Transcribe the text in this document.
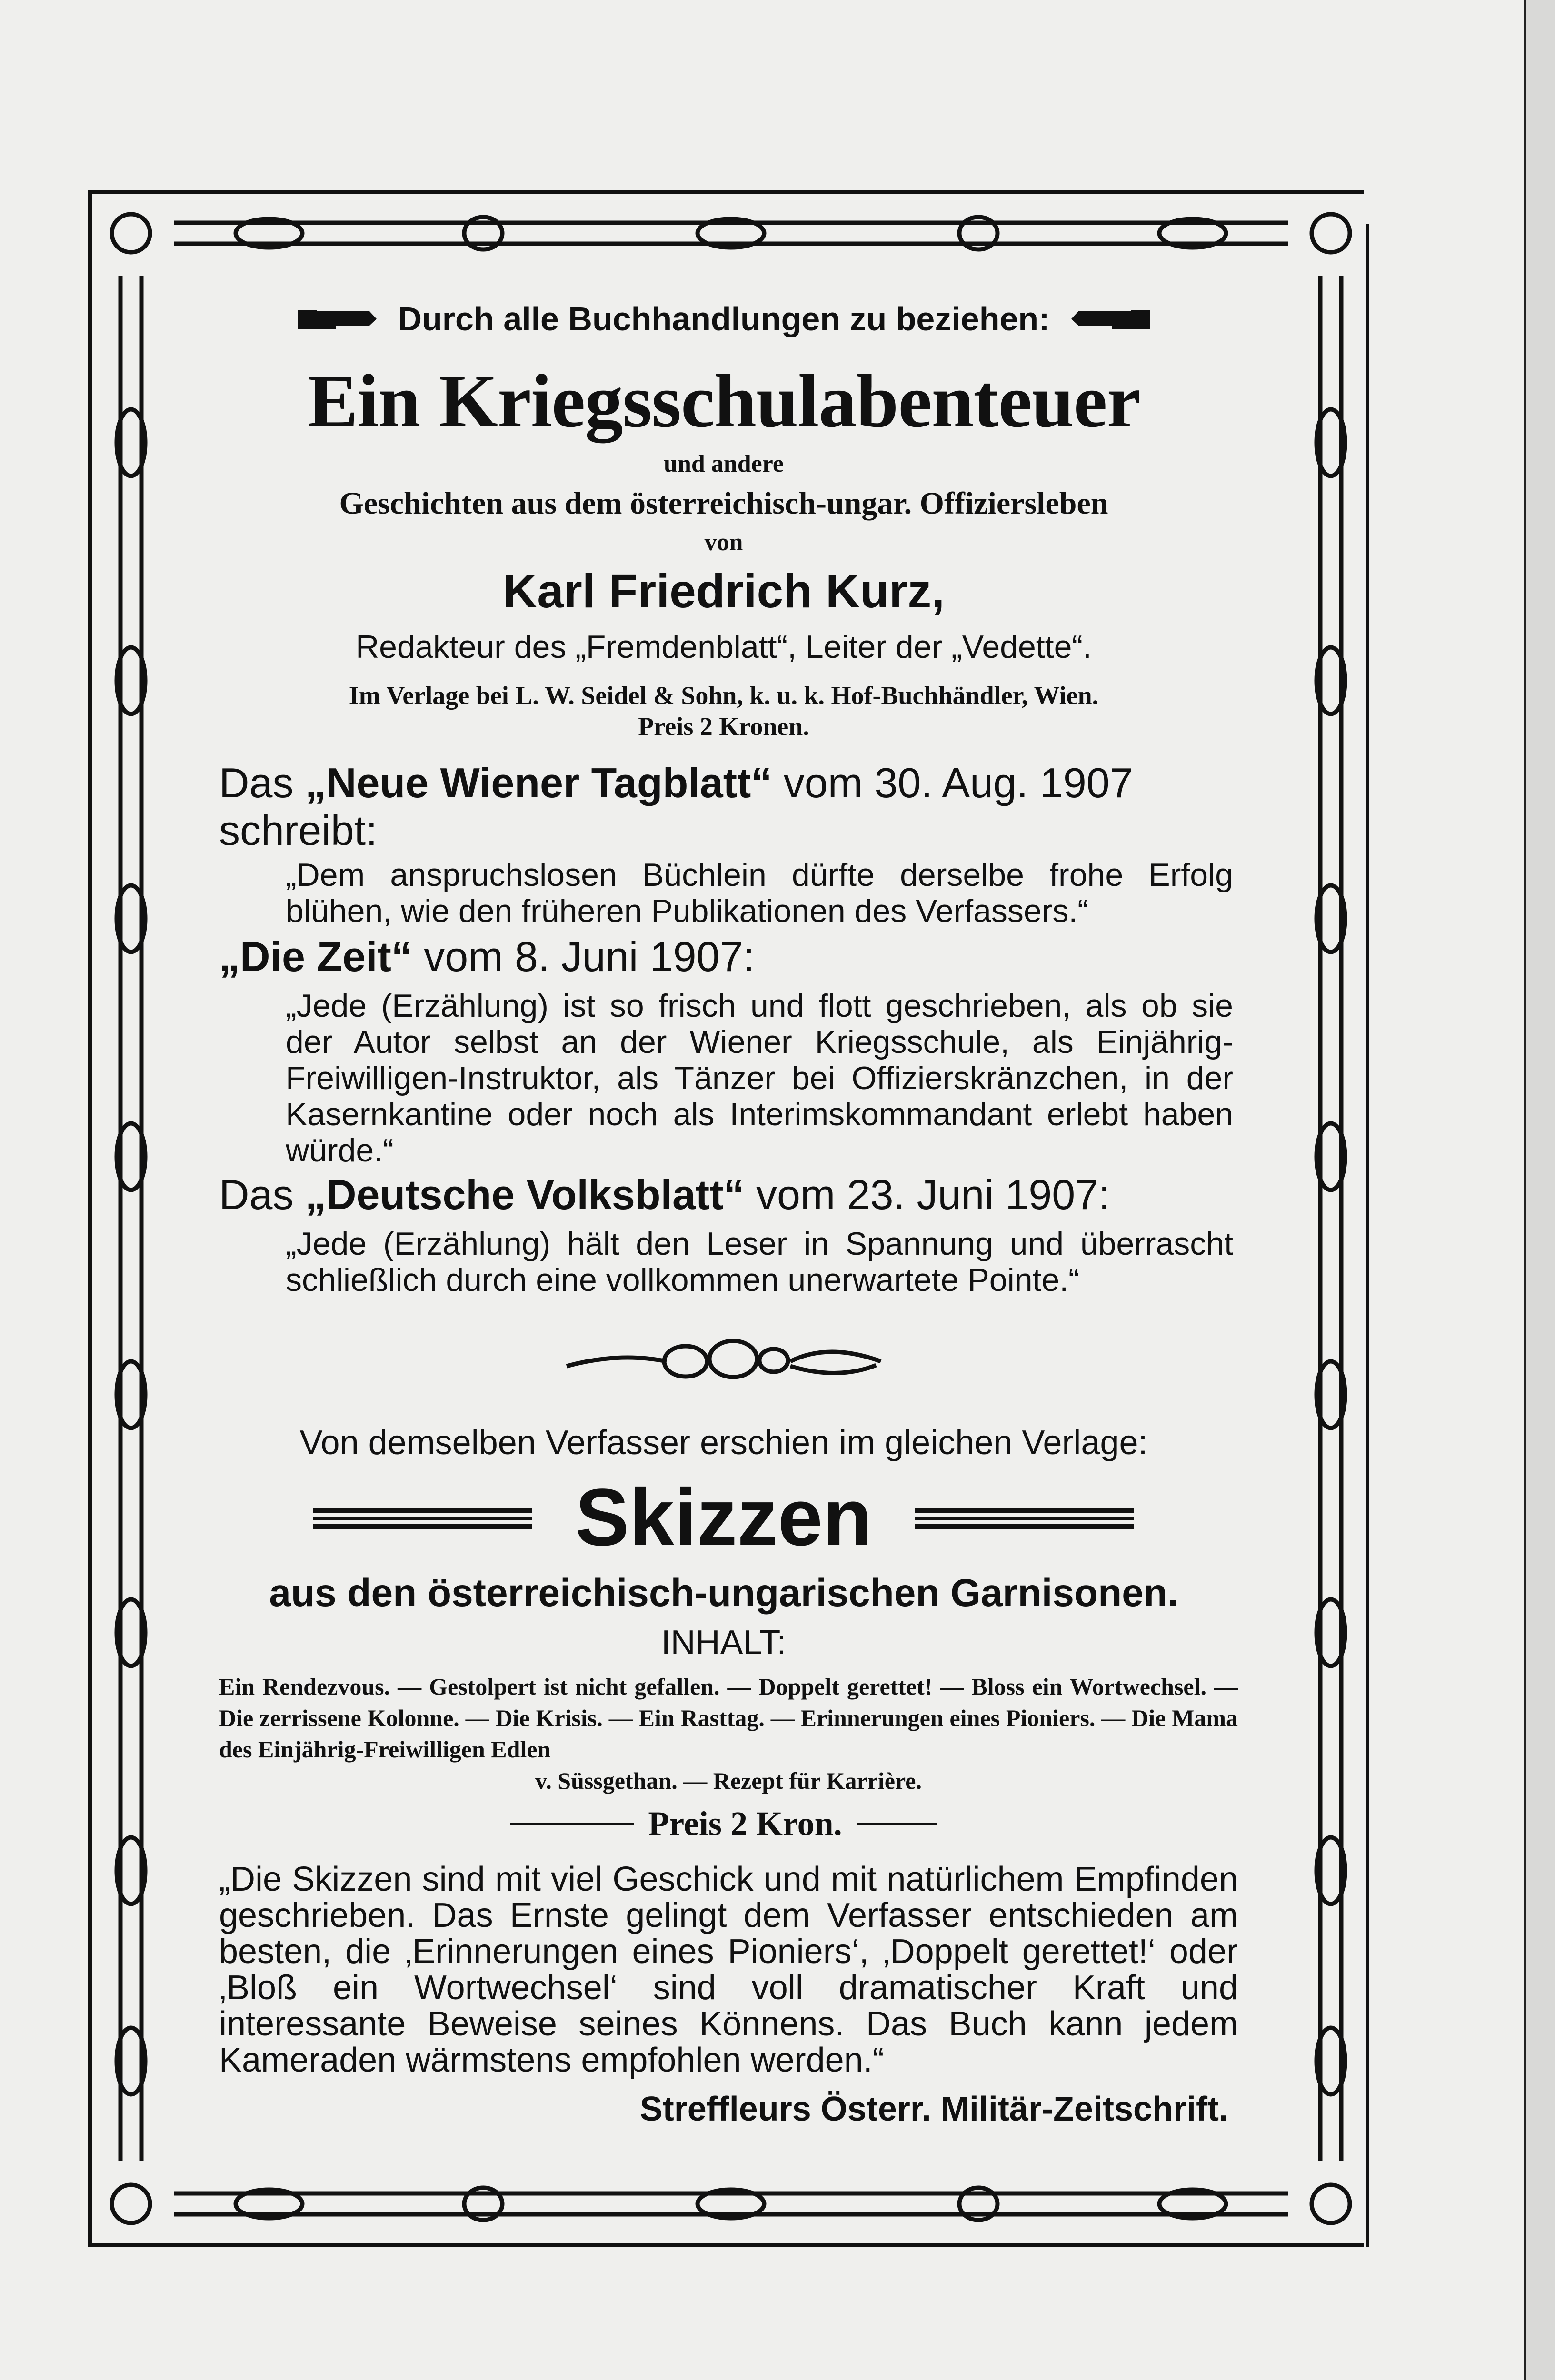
Durch alle Buchhandlungen zu beziehen:
Ein Kriegsschulabenteuer
und andere
Geschichten aus dem österreichisch-ungar. Offiziersleben
von
Karl Friedrich Kurz,
Redakteur des „Fremdenblatt“, Leiter der „Vedette“.
Im Verlage bei L. W. Seidel & Sohn, k. u. k. Hof-Buchhändler, Wien.
Preis 2 Kronen.
Das „Neue Wiener Tagblatt“ vom 30. Aug. 1907 schreibt:
„Dem anspruchslosen Büchlein dürfte derselbe frohe Erfolg blühen, wie den früheren Publikationen des Verfassers.“
„Die Zeit“ vom 8. Juni 1907:
„Jede (Erzählung) ist so frisch und flott geschrieben, als ob sie der Autor selbst an der Wiener Kriegsschule, als Einjährig-Freiwilligen-Instruktor, als Tänzer bei Offizierskränzchen, in der Kasernkantine oder noch als Interimskommandant erlebt haben würde.“
Das „Deutsche Volksblatt“ vom 23. Juni 1907:
„Jede (Erzählung) hält den Leser in Spannung und überrascht schließlich durch eine vollkommen unerwartete Pointe.“
Von demselben Verfasser erschien im gleichen Verlage:
Skizzen
aus den österreichisch-ungarischen Garnisonen.
INHALT:
Ein Rendezvous. — Gestolpert ist nicht gefallen. — Doppelt gerettet! — Bloss ein Wortwechsel. — Die zerrissene Kolonne. — Die Krisis. — Ein Rasttag. — Erinnerungen eines Pioniers. — Die Mama des Einjährig-Freiwilligen Edlen
v. Süssgethan. — Rezept für Karrière.
Preis 2 Kron.
„Die Skizzen sind mit viel Geschick und mit natürlichem Empfinden geschrieben. Das Ernste gelingt dem Verfasser entschieden am besten, die ‚Erinnerungen eines Pioniers‘, ‚Doppelt gerettet!‘ oder ‚Bloß ein Wortwechsel‘ sind voll dramatischer Kraft und interessante Beweise seines Könnens. Das Buch kann jedem Kameraden wärmstens empfohlen werden.“
Streffleurs Österr. Militär-Zeitschrift.
